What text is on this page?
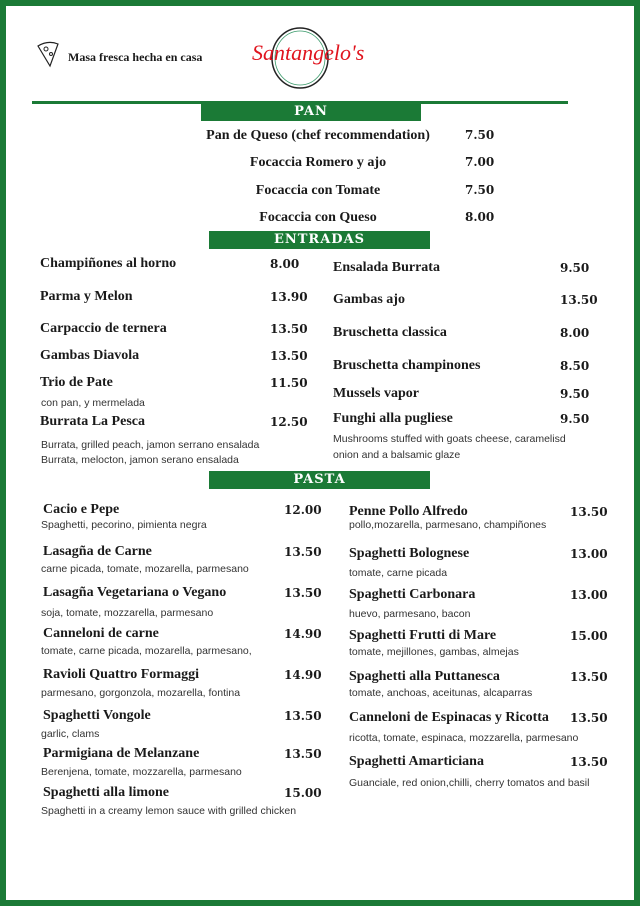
Masa fresca hecha en casa Santangelo's
PAN
ENTRADAS
PASTA
Pan de Queso (chef recommendation)	7.50
Focaccia Romero y ajo	7.00
Focaccia con Tomate	7.50
Focaccia con Queso	8.00
Champiñones al horno	8.00
Parma y Melon	13.90
Carpaccio de ternera	13.50
Gambas Diavola	13.50
Trio de Pate	11.50
con pan, y mermelada
Burrata La Pesca	12.50
Burrata, grilled peach, jamon serrano ensalada
Burrata, melocton, jamon serano ensalada
Ensalada Burrata	9.50
Gambas ajo	13.50
Bruschetta classica	8.00
Bruschetta champinones	8.50
Mussels vapor	9.50
Funghi alla pugliese	9.50
Mushrooms stuffed with goats cheese, caramelisd
onion and a balsamic glaze
Cacio e Pepe	12.00
Spaghetti, pecorino, pimienta negra
Lasagña de Carne	13.50
carne picada, tomate, mozarella, parmesano
Lasagña Vegetariana o Vegano	13.50
soja, tomate, mozzarella, parmesano
Canneloni de carne	14.90
tomate, carne picada, mozarella, parmesano,
Ravioli Quattro Formaggi	14.90
parmesano, gorgonzola, mozarella, fontina
Spaghetti Vongole	13.50
garlic, clams
Parmigiana de Melanzane	13.50
Berenjena, tomate, mozzarella, parmesano
Spaghetti alla limone	15.00
Spaghetti in a creamy lemon sauce with grilled chicken
Penne Pollo Alfredo	13.50
pollo,mozarella, parmesano, champiñones
Spaghetti Bolognese	13.00
tomate, carne picada
Spaghetti Carbonara	13.00
huevo, parmesano, bacon
Spaghetti Frutti di Mare	15.00
tomate, mejillones, gambas, almejas
Spaghetti alla Puttanesca	13.50
tomate, anchoas, aceitunas, alcaparras
Canneloni de Espinacas y Ricotta 13.50
ricotta, tomate, espinaca, mozzarella, parmesano
Spaghetti Amarticiana	13.50
Guanciale, red onion,chilli, cherry tomatos and basil
